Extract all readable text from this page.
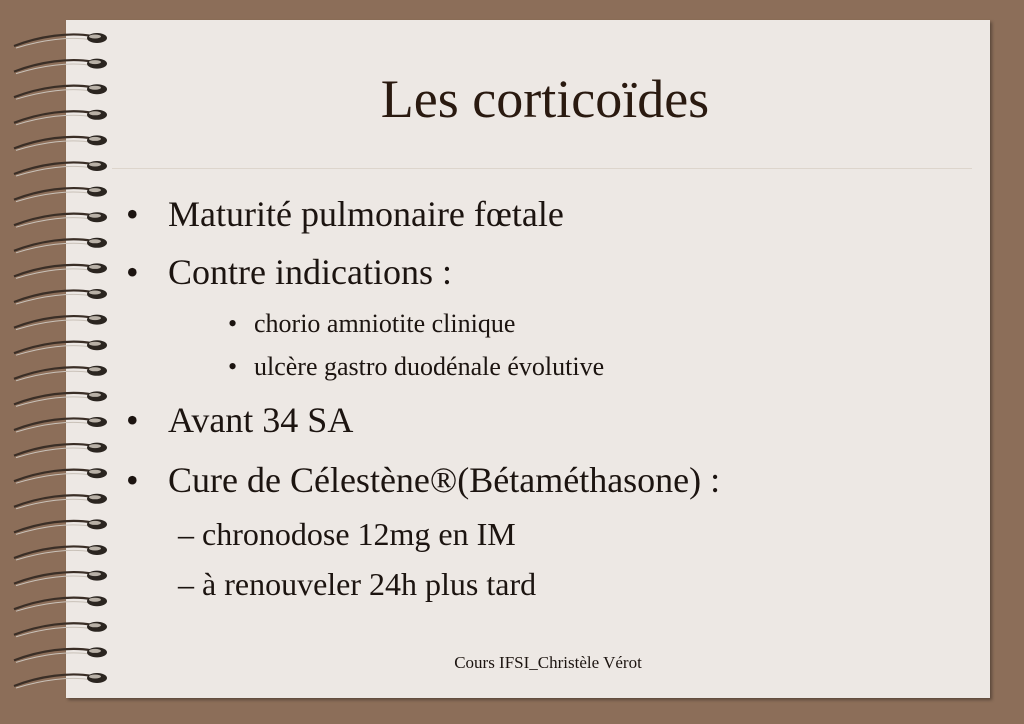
Les corticoïdes
• Maturité pulmonaire fœtale
• Contre indications :
• chorio amniotite clinique
• ulcère gastro duodénale évolutive
• Avant 34 SA
• Cure de Célestène®(Bétaméthasone) :
– chronodose 12mg en IM
– à renouveler 24h plus tard
Cours IFSI_Christèle Vérot
